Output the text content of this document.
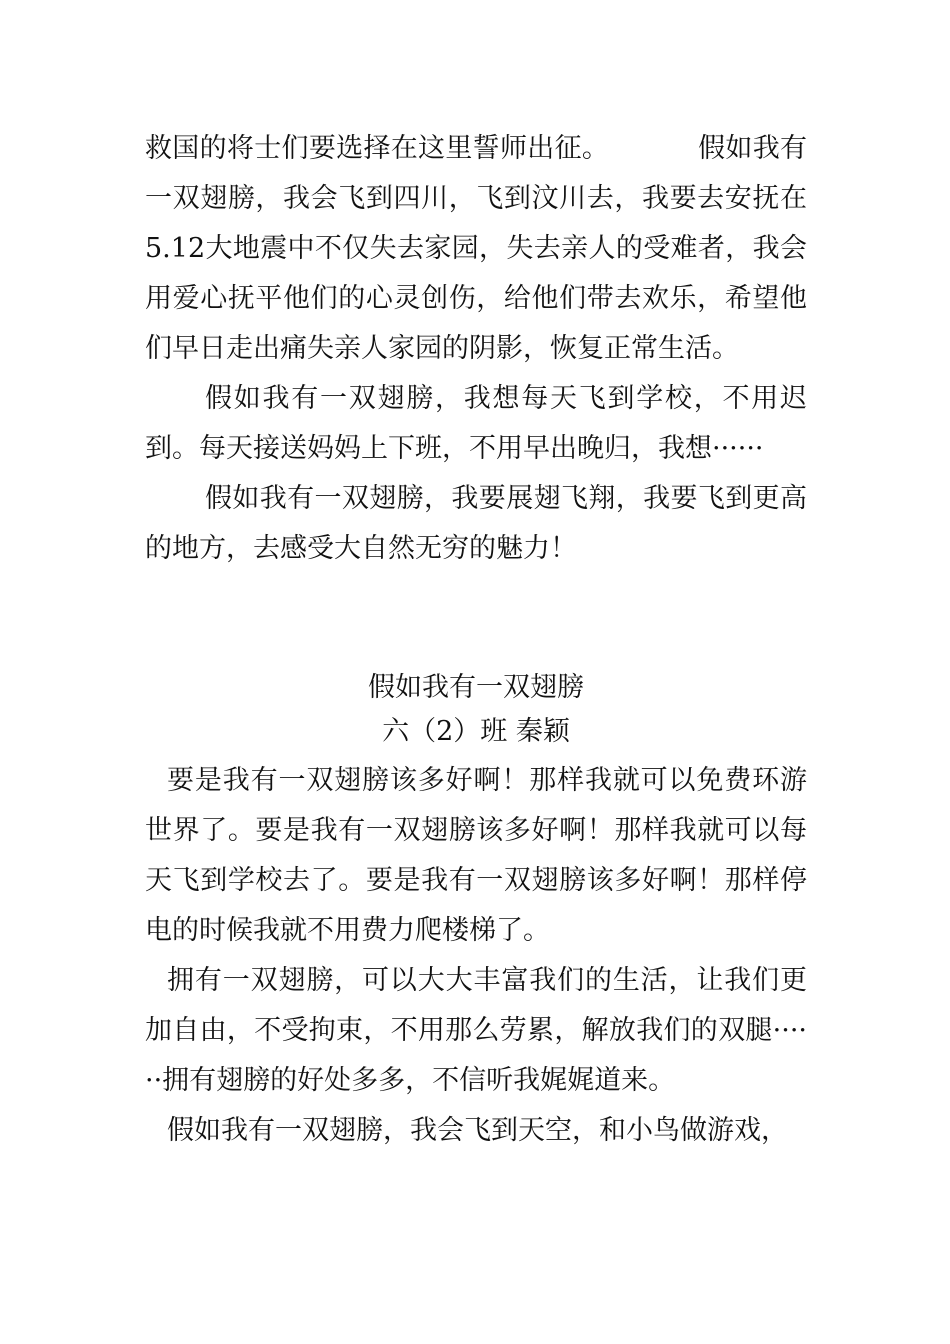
救国的将士们要选择在这里誓师出征。          假如我有一双翅膀，我会飞到四川，飞到汶川去，我要去安抚在5.12大地震中不仅失去家园，失去亲人的受难者，我会用爱心抚平他们的心灵创伤，给他们带去欢乐，希望他们早日走出痛失亲人家园的阴影，恢复正常生活。

假如我有一双翅膀，我想每天飞到学校，不用迟到。每天接送妈妈上下班，不用早出晚归，我想······

假如我有一双翅膀，我要展翅飞翔，我要飞到更高的地方，去感受大自然无穷的魅力！

假如我有一双翅膀

六（2）班 秦颖

要是我有一双翅膀该多好啊！那样我就可以免费环游世界了。要是我有一双翅膀该多好啊！那样我就可以每天飞到学校去了。要是我有一双翅膀该多好啊！那样停电的时候我就不用费力爬楼梯了。

拥有一双翅膀，可以大大丰富我们的生活，让我们更加自由，不受拘束，不用那么劳累，解放我们的双腿······拥有翅膀的好处多多，不信听我娓娓道来。

假如我有一双翅膀，我会飞到天空，和小鸟做游戏，
